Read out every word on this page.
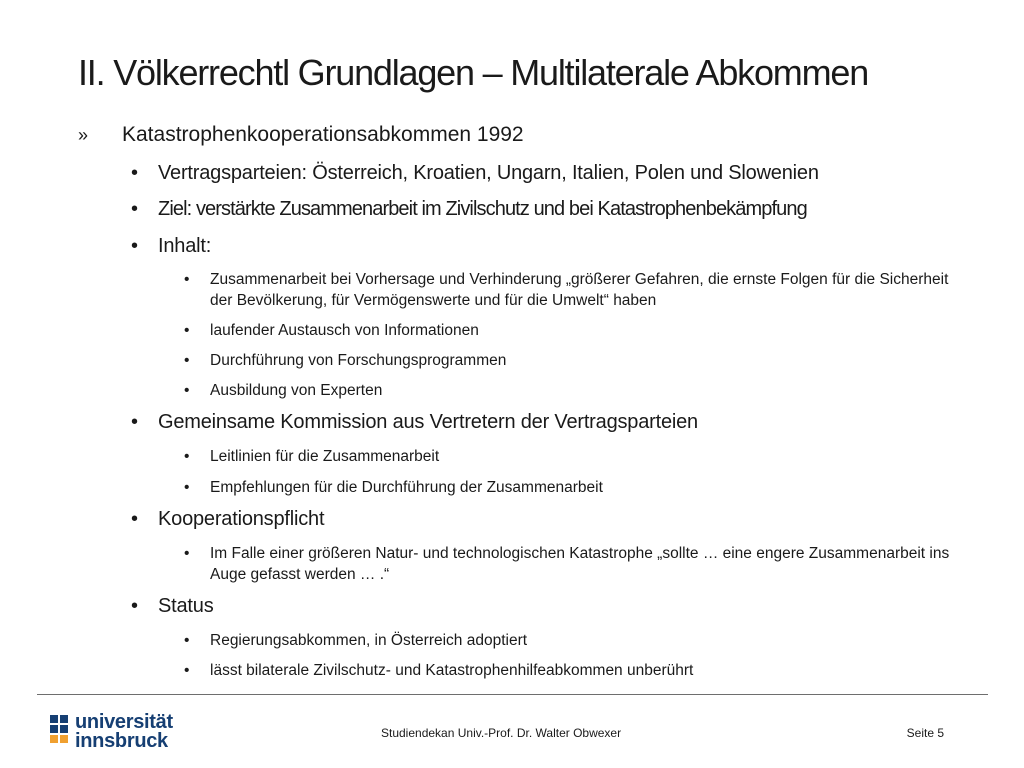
II. Völkerrechtl Grundlagen – Multilaterale Abkommen
» Katastrophenkooperationsabkommen 1992
• Vertragsparteien: Österreich, Kroatien, Ungarn, Italien, Polen und Slowenien
• Ziel: verstärkte Zusammenarbeit im Zivilschutz und bei Katastrophenbekämpfung
• Inhalt:
• Zusammenarbeit bei Vorhersage und Verhinderung „größerer Gefahren, die ernste Folgen für die Sicherheit der Bevölkerung, für Vermögenswerte und für die Umwelt“ haben
• laufender Austausch von Informationen
• Durchführung von Forschungsprogrammen
• Ausbildung von Experten
• Gemeinsame Kommission aus Vertretern der Vertragsparteien
• Leitlinien für die Zusammenarbeit
• Empfehlungen für die Durchführung der Zusammenarbeit
• Kooperationspflicht
• Im Falle einer größeren Natur- und technologischen Katastrophe „sollte … eine engere Zusammenarbeit ins Auge gefasst werden … .“
• Status
• Regierungsabkommen, in Österreich adoptiert
• lässt bilaterale Zivilschutz- und Katastrophenhilfeabkommen unberührt
universität
innsbruck	Studiendekan Univ.-Prof. Dr. Walter Obwexer	Seite 5
